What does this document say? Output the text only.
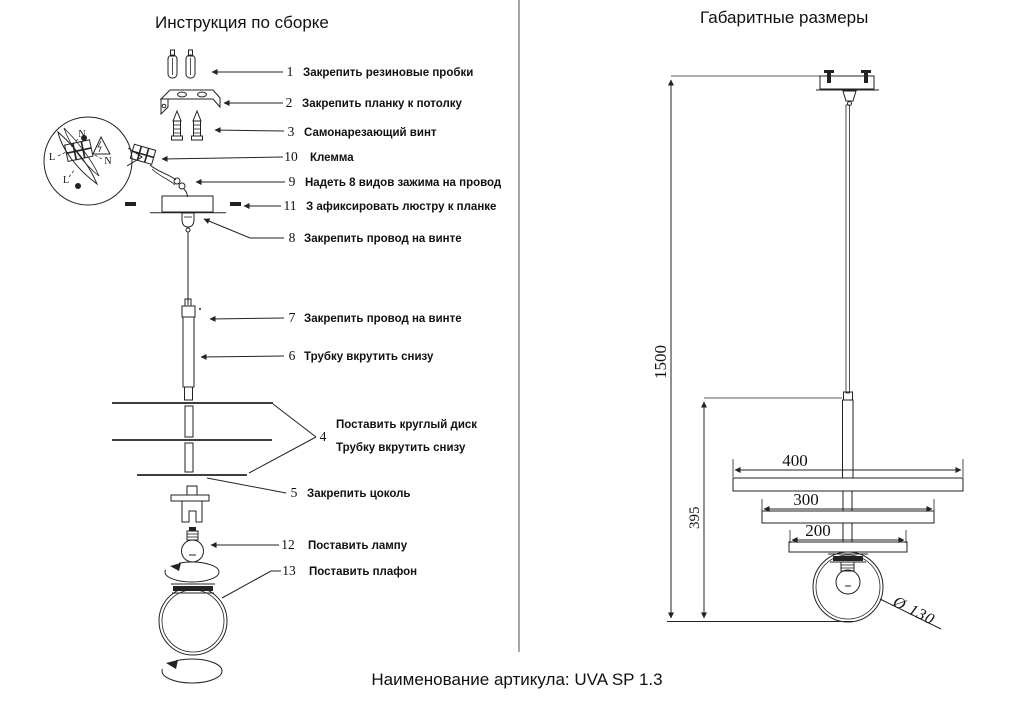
Инструкция по сборке	Габаритные размеры
N
L	N
L
1 Закрепить резиновые пробки
2 Закрепить планку к потолку
3 Самонарезающий винт
10 Клемма
9 Надеть 8 видов зажима на провод
11 З афиксировать люстру к планке
8 Закрепить провод на винте
7 Закрепить провод на винте
6 Трубку вкрутить снизу
4
Поставить круглый диск
Трубку вкрутить снизу
5 Закрепить цоколь
12 Поставить лампу
13 Поставить плафон
1500
395
400
300
200
Ø 130
Наименование артикула: UVA SP 1.3
